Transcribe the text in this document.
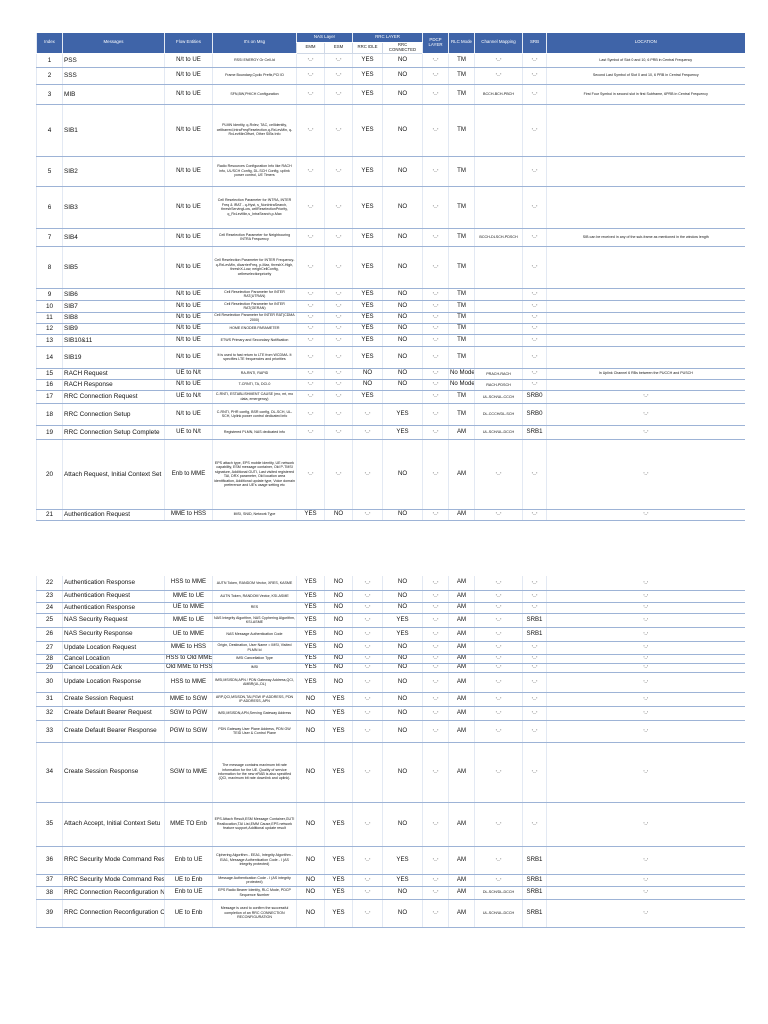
Index	Messages	Flow Entities	It's on Msg	NAS Layer		RRC LAYER		PDCP LAYER	RLC Mode	Channel Mapping	SRB	LOCATION
				EMM	ESM	RRC IDLE	RRC CONNECTED					
1	PSS	N/t to UE	RSSI ENERGY Or Cell-Id	"--"	"--"	YES	NO	"--"	TM	"--"	"--"	Last Symbol of Slot 0 and 10, 6 PRB in Central Frequency
2	SSS	N/t to UE	Frame Boundary,Cyclic Prefix,PCI ID	"--"	"--"	YES	NO	"--"	TM	"--"	"--"	Second Last Symbol of Slot 0 and 10, 6 PRB in Central Frequency
3	MIB	N/t to UE	SFN,BW,PHICH Configuration	"--"	"--"	YES	NO	"--"	TM	BCCH-BCH-PBCH	"--"	First Four Symbol in second slot in first Subframe, 6PRB in Central Frequency
4	SIB1	N/t to UE	PLMN Identity, q-Rxlev, TAC, cellIdentity, cellbarred,IntraFreqReselection,q-RxLevMin, q-RxLevMinOffset, Other SIBs Info	"--"	"--"	YES	NO	"--"	TM		"--"	
5	SIB2	N/t to UE	Radio Resources Configuration Info like RACH info, UL/SCH Config, DL-SCH Config, uplink power control, UE Timers	"--"	"--"	YES	NO	"--"	TM		"--"	
6	SIB3	N/t to UE	Cell Reselection Parameter for INTRA, INTER Freq & IRAT - q-Hyst, s_NonIntraSearch, threshServingLow, cellReselectionPriority, q_RxLevMin,s_IntraSearch,p-Max	"--"	"--"	YES	NO	"--"	TM		"--"	
7	SIB4	N/t to UE	Cell Reselection Parameter for Neighbouring INTRA Frequency	"--"	"--"	YES	NO	"--"	TM	BCCH-DLSCH-PDSCH	"--"	SIB can be received in any of the sub-frame as mentioned in the window length
8	SIB5	N/t to UE	Cell Reselection Parameter for INTER Frequency- q-RxLevMin, dlcarrierFreq, p-Max, threshX-High, threshX-Low, neighCellConfig, cellreselectionpriority	"--"	"--"	YES	NO	"--"	TM		"--"	
9	SIB6	N/t to UE	Cell Reselection Parameter for INTER RAT(UTRAN)	"--"	"--"	YES	NO	"--"	TM		"--"	
10	SIB7	N/t to UE	Cell Reselection Parameter for INTER RAT(GERAN)	"--"	"--"	YES	NO	"--"	TM		"--"	
11	SIB8	N/t to UE	Cell Reselection Parameter for INTER RAT(CDMA 2000)	"--"	"--"	YES	NO	"--"	TM		"--"	
12	SIB9	N/t to UE	HOME ENODEB PARAMETER	"--"	"--"	YES	NO	"--"	TM		"--"	
13	SIB10&11	N/t to UE	ETWS Primary and Secondary Notification	"--"	"--"	YES	NO	"--"	TM		"--"	
14	SIB19	N/t to UE	It is used to fast return to LTE from WCDMA. It specifies LTE frequencies and priorities	"--"	"--"	YES	NO	"--"	TM		"--"	
15	RACH Request	UE to N/t	RA-RNTI, RAPID	"--"	"--"	NO	NO	"--"	No Mode	PRACH-RACH	"--"	In Uplink Channel 6 RBs between the PUCCH and PUSCH
16	RACH Response	N/t to UE	T-CRNTI, TA, DCI-0	"--"	"--"	NO	NO	"--"	No Mode	RACH-PDSCH	"--"	
17	RRC Connection Request	UE to N/t	C-RNTI, ESTABLISHMENT CAUSE (mo, mt, mo data, emergency)	"--"	"--"	YES		"--"	TM	UL-SCH/UL-CCCH	SRB0	"--"
18	RRC Connection Setup	N/t to UE	C-RNTI, PHR config, BSR config, DL-SCH, UL-SCH, Uplink power control dedicated info	"--"	"--"	"--"	YES	"--"	TM	DL-CCCH/DL-SCH	SRB0	"--"
19	RRC Connection Setup Complete	UE to N/t	Registered PLMN, NAS dedicated info	"--"	"--"	"--"	YES	"--"	AM	UL-SCH/UL-DCCH	SRB1	"--"
20	Attach Request, Initial Context Set	Enb to MME	EPS attach type, EPS mobile identity, UE network capability, ESM message container, Old P-TMSI signature, Additional GUTI, Last visited registered TAI, DRX parameter, Old location area identification, Additional update type, Voice domain preference and UE's usage setting etc	"--"	"--"	"--"	NO	"--"	AM	"--"	"--"	"--"
21	Authentication Request	MME to HSS	IMSI, SNID, Network Type	YES	NO	"--"	NO	"--"	AM	"--"	"--"	"--"
22	Authentication Response	HSS to MME	AUTN Token, RANDOM Vector, XRES, KASME	YES	NO	"--"	NO	"--"	AM	"--"	"--"	"--"
23	Authentication Request	MME to UE	AUTN Token, RANDOM Vector, KSI-ASME	YES	NO	"--"	NO	"--"	AM	"--"	"--"	"--"
24	Authentication Response	UE to MME	RES	YES	NO	"--"	NO	"--"	AM	"--"	"--"	"--"
25	NAS Security Request	MME to UE	NAS Integrity Algorithm, NAS Cyphering Algorithm, KSI-ASME	YES	NO	"--"	YES	"--"	AM	"--"	SRB1	"--"
26	NAS Security Response	UE to MME	NAS Message Authentication Code	YES	NO	"--"	YES	"--"	AM	"--"	SRB1	"--"
27	Update Location Request	MME to HSS	Origin, Destination, User Name = IMSI, Visited PLMN Id	YES	NO	"--"	NO	"--"	AM	"--"	"--"	"--"
28	Cancel Location	HSS to Old MME	IMSI Cancellation Type	YES	NO	"--"	NO	"--"	AM	"--"	"--"	"--"
29	Cancel Location Ack	Old MME to HSS	IMSI	YES	NO	"--"	NO	"--"	AM	"--"	"--"	"--"
30	Update Location Response	HSS to MME	IMSI,MSISDN,APN / PDN Gateway Address,QCI, AMBR(UL,DL)	YES	NO	"--"	NO	"--"	AM	"--"	"--"	"--"
31	Create Session Request	MME to SGW	ARP,QCI,MSISDN,TAI,PGW IP ADDRESS, PDN IP ADDRESS, APN	NO	YES	"--"	NO	"--"	AM	"--"	"--"	"--"
32	Create Default Bearer Request	SGW to PGW	IMSI,MSISDN,APN,Serving Gateway Address	NO	YES	"--"	NO	"--"	AM	"--"	"--"	"--"
33	Create Default Bearer Response	PGW to SGW	PDN Gateway User Plane Address, PDN GW TEID User & Control Plane	NO	YES	"--"	NO	"--"	AM	"--"	"--"	"--"
34	Create Session Response	SGW to MME	The message contains maximum bit rate information for the UE. Quality of service information for the new eRAB is also specified (QCI, maximum bit rate downlink and uplink).	NO	YES	"--"	NO	"--"	AM	"--"	"--"	"--"
35	Attach Accept, Initial Context Setu	MME TO Enb	EPS Attach Result,ESM Message Container,GUTI Reallocation,TAI List,EMM Cause,EPS network feature support,Additional update result	NO	YES	"--"	NO	"--"	AM	"--"	"--"	"--"
36	RRC Security Mode Command Res	Enb to UE	Ciphering Algorithm - EEA1, Integrity Algorithm - EIA1, Message Authentication Code - I (AS integrity protected)	NO	YES	"--"	YES	"--"	AM	"--"	SRB1	"--"
37	RRC Security Mode Command Res	UE to Enb	Message Authentication Code - I (AS integrity protected)	NO	YES	"--"	YES	"--"	AM	"--"	SRB1	"--"
38	RRC Connection Reconfiguration N	Enb to UE	EPS Radio Bearer Identity, RLC Mode, PDCP Sequence Number	NO	YES	"--"	NO	"--"	AM	DL-SCH/DL-DCCH	SRB1	"--"
39	RRC Connection Reconfiguration C	UE to Enb	Message is used to confirm the successful completion of an RRC CONNECTION RECONFIGURATION	NO	YES	"--"	NO	"--"	AM	UL-SCH/UL-DCCH	SRB1	"--"
